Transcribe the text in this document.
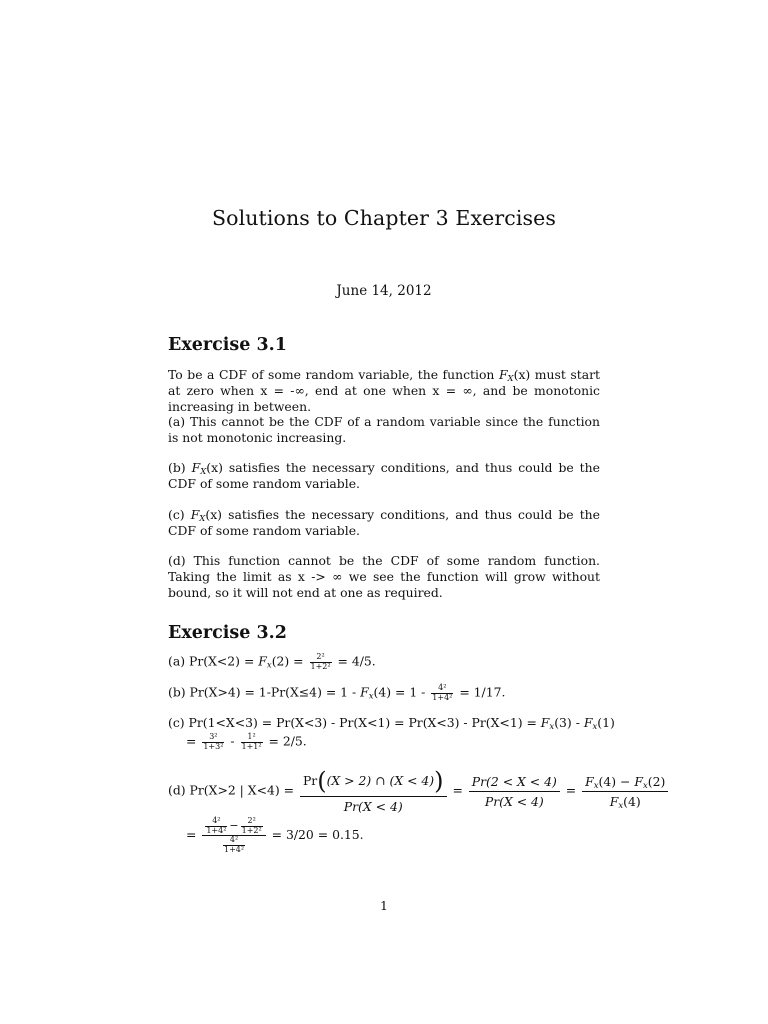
Solutions to Chapter 3 Exercises
June 14, 2012
Exercise 3.1
To be a CDF of some random variable, the function $F_X(x)$ must start at zero when x = -∞, end at one when x = ∞, and be monotonic increasing in between.
(a) This cannot be the CDF of a random variable since the function is not monotonic increasing.
(b) $F_X(x)$ satisfies the necessary conditions, and thus could be the CDF of some random variable.
(c) $F_X(x)$ satisfies the necessary conditions, and thus could be the CDF of some random variable.
(d) This function cannot be the CDF of some random function. Taking the limit as x -> ∞ we see the function will grow without bound, so it will not end at one as required.
Exercise 3.2
(a) $Pr(X<2) = F_x(2) = \frac{\text{2²}}{\text{1+2²}} = 4/5$.
(b) $Pr(X>4) = 1-Pr(X\le 4) = 1 - F_x(4) = 1 - \frac{\text{4²}}{\text{1+4²}} = 1/17$.
(c) $Pr(1<X<3) = Pr(X<3) - Pr(X<1) = Pr(X<3) - Pr(X<1) = F_x(3) - F_x(1)$
= $\frac{\text{3²}}{\text{1+3²}} - \frac{\text{1²}}{\text{1+1²}} = 2/5$.
(d) Pr(X>2 | $X<4) = \frac{Pr((X > 2) \cap (X < 4))}{Pr(X < 4)} = \frac{Pr(2 < X < 4)}{Pr(X < 4)} = \frac{F_x(4) - F_x(2)}{F_x(4)}$
= $\frac{\frac{\text{4²}}{\text{1+4²}} - \frac{\text{2²}}{\text{1+2²}}}{\frac{\text{4²}}{\text{1+4²}}} = 3/20 = 0.15$.
1
